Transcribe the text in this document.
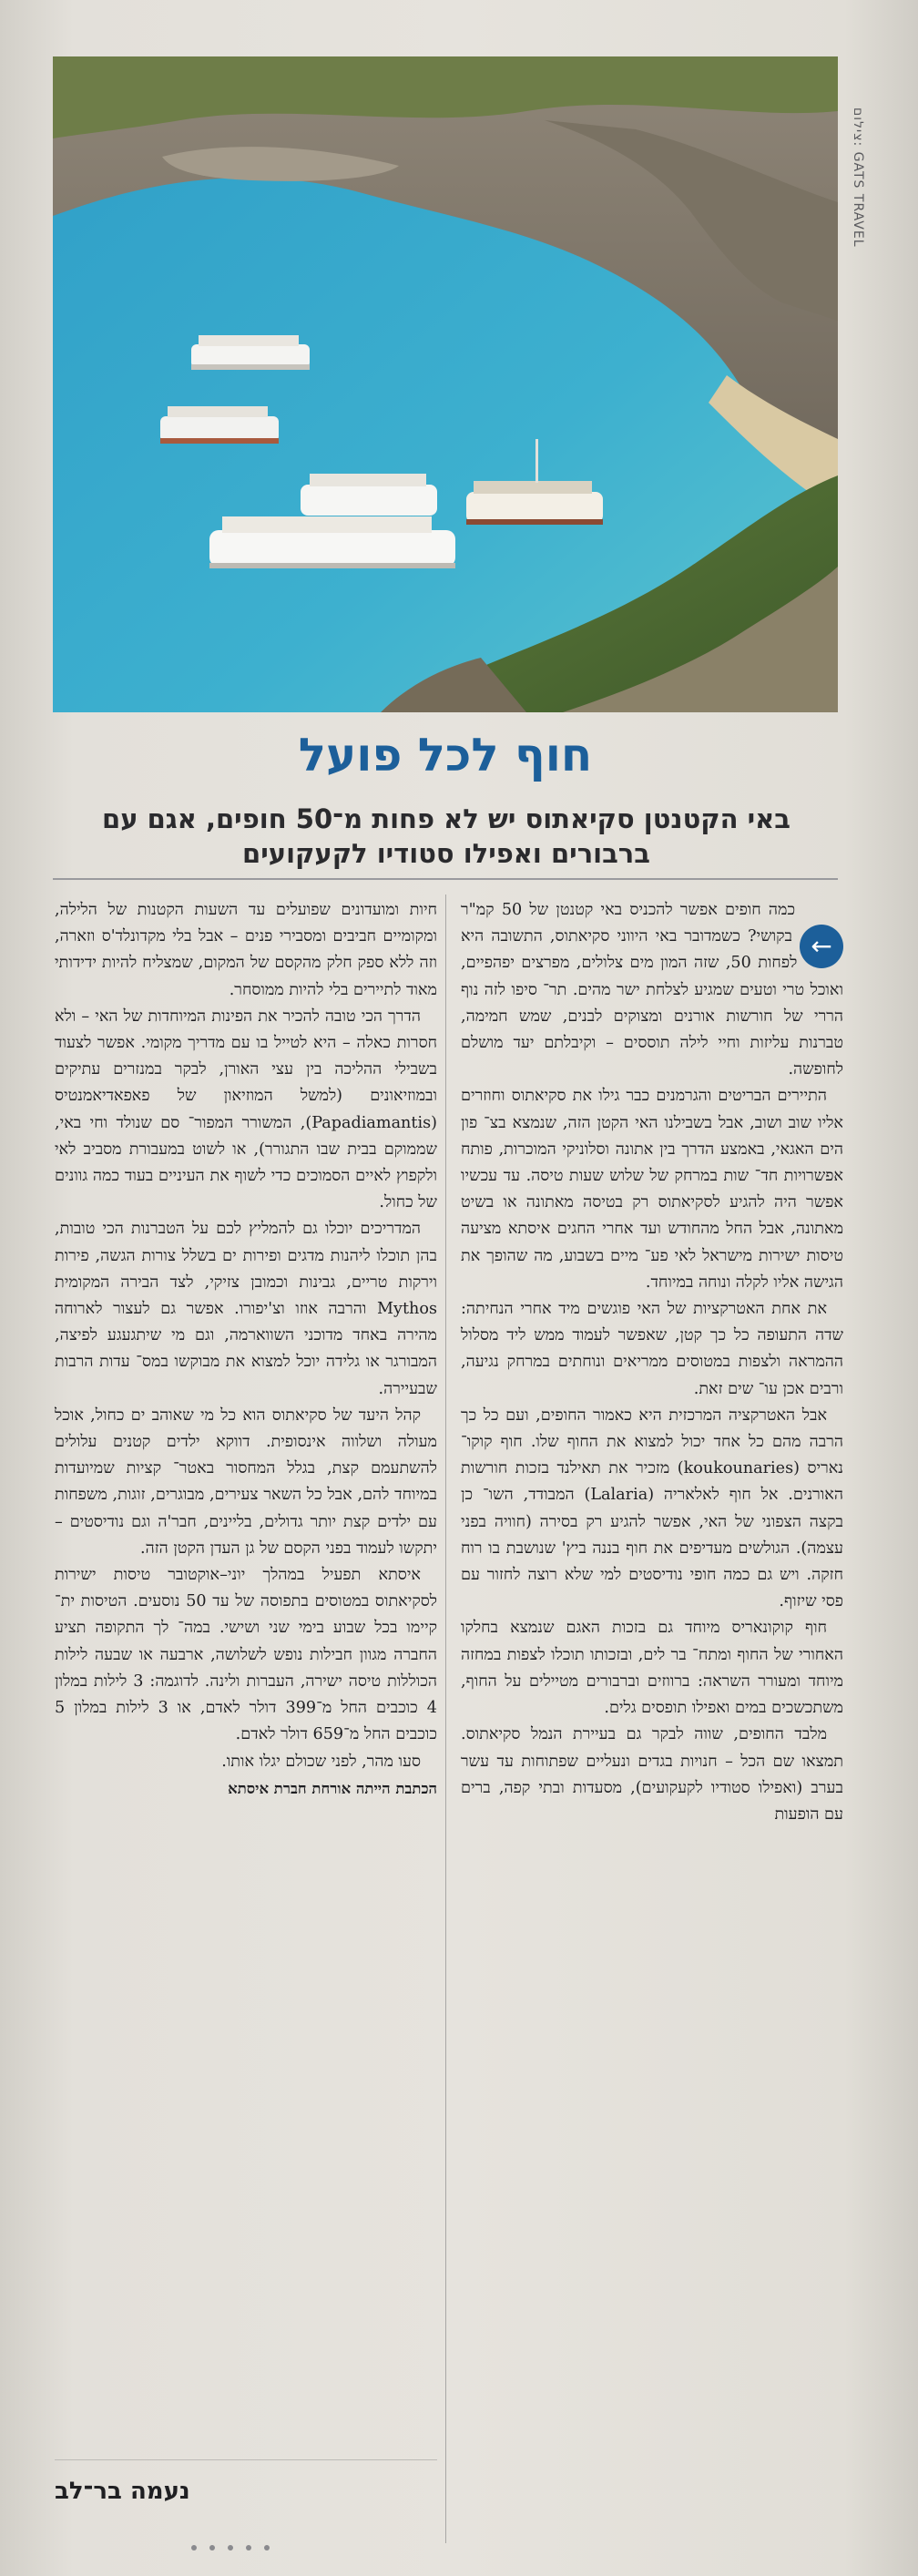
צילום: GATS TRAVEL
חוף לכל פועל
באי הקטנטן סקיאתוס יש לא פחות מ־50 חופים, אגם עם ברבורים ואפילו סטודיו לקעקועים
←

כמה חופים אפשר להכניס באי קטנטן של 50 קמ"ר בקושי? כשמדובר באי היווני סקיאתוס, התשובה היא לפחות 50, שזה המון מים צלולים, מפרצים יפהפיים, ואוכל טרי וטעים שמגיע לצלחת ישר מהים. תר־ סיפו לזה נוף הררי של חורשות אורנים ומצוקים לבנים, שמש חמימה, טברנות עליזות וחיי לילה תוססים – וקיבלתם יעד מושלם לחופשה.

התיירים הבריטים והגרמנים כבר גילו את סקיאתוס וחוזרים אליו שוב ושוב, אבל בשבילנו האי הקטן הזה, שנמצא בצ־ פון הים האגאי, באמצע הדרך בין אתונה וסלוניקי המוכרות, פותח אפשרויות חד־ שות במרחק של שלוש שעות טיסה. עד עכשיו אפשר היה להגיע לסקיאתוס רק בטיסה מאתונה או בשיט מאתונה, אבל החל מהחודש ועד אחרי החגים איסתא מציעה טיסות ישירות מישראל לאי פע־ מיים בשבוע, מה שהופך את הגישה אליו לקלה ונוחה במיוחד.

את אחת האטרקציות של האי פוגשים מיד אחרי הנחיתה: שדה התעופה כל כך קטן, שאפשר לעמוד ממש ליד מסלול ההמראה ולצפות במטוסים ממריאים ונוחתים במרחק נגיעה, ורבים אכן עו־ שים זאת.

אבל האטרקציה המרכזית היא כאמור החופים, ועם כל כך הרבה מהם כל אחד יכול למצוא את החוף שלו. חוף קוקו־ נאריס (koukounaries) מזכיר את תאילנד בזכות חורשות האורנים. אל חוף לאלאריה (Lalaria) המבודד, השו־ כן בקצה הצפוני של האי, אפשר להגיע רק בסירה (חוויה בפני עצמה). הגולשים מעדיפים את חוף בננה ביץ' שנושבת בו רוח חזקה. ויש גם כמה חופי נודיסטים למי שלא רוצה לחזור עם פסי שיזוף.

חוף קוקונאריס מיוחד גם בזכות האגם שנמצא בחלקו האחורי של החוף ומתח־ בר לים, ובזכותו תוכלו לצפות במחזה מיוחד ומעורר השראה: ברווזים וברבורים מטיילים על החוף, משתכשכים במים ואפילו תופסים גלים.

מלבד החופים, שווה לבקר גם בעיירת הנמל סקיאתוס. תמצאו שם הכל – חנויות בגדים ונעליים שפתוחות עד עשר בערב (ואפילו סטודיו לקעקועים), מסעדות ובתי קפה, ברים עם הופעות

חיות ומועדונים שפועלים עד השעות הקטנות של הלילה, ומקומיים חביבים ומסבירי פנים – אבל בלי מקדונלד'ס וזארה, וזה ללא ספק חלק מהקסם של המקום, שמצליח להיות ידידותי מאוד לתיירים בלי להיות ממוסחר.

הדרך הכי טובה להכיר את הפינות המיוחדות של האי – ולא חסרות כאלה – היא לטייל בו עם מדריך מקומי. אפשר לצעוד בשבילי ההליכה בין עצי האורן, לבקר במנזרים עתיקים ובמוזיאונים (למשל המוזיאון של פאפאדיאמנטיס (Papadiamantis), המשורר המפור־ סם שנולד וחי באי, שממוקם בבית שבו התגורר), או לשוט במעבורת מסביב לאי ולקפוץ לאיים הסמוכים כדי לשוף את העיניים בעוד כמה גוונים של כחול.

המדריכים יוכלו גם להמליץ לכם על הטברנות הכי טובות, בהן תוכלו ליהנות מדגים ופירות ים בשלל צורות הגשה, פירות וירקות טריים, גבינות וכמובן צזיקי, לצד הבירה המקומית Mythos והרבה אוזו וצ'יפורו. אפשר גם לעצור לארוחה מהירה באחד מדוכני השווארמה, וגם מי שיתגעגע לפיצה, המבורגר או גלידה יוכל למצוא את מבוקשו במס־ עדות הרבות שבעיירה.

קהל היעד של סקיאתוס הוא כל מי שאוהב ים כחול, אוכל מעולה ושלווה אינסופית. דווקא ילדים קטנים עלולים להשתעמם קצת, בגלל המחסור באטר־ קציות שמיועדות במיוחד להם, אבל כל השאר צעירים, מבוגרים, זוגות, משפחות עם ילדים קצת יותר גדולים, בליינים, חבר'ה וגם נודיסטים – יתקשו לעמוד בפני הקסם של גן העדן הקטן הזה.

איסתא תפעיל במהלך יוני–אוקטובר טיסות ישירות לסקיאתוס במטוסים בתפוסה של עד 50 נוסעים. הטיסות ית־ קיימו בכל שבוע בימי שני ושישי. במה־ לך התקופה תציע החברה מגוון חבילות נופש לשלושה, ארבעה או שבעה לילות הכוללות טיסה ישירה, העברות ולינה. לדוגמה: 3 לילות במלון 4 כוכבים החל מ־399 דולר לאדם, או 3 לילות במלון 5 כוכבים החל מ־659 דולר לאדם.

סעו מהר, לפני שכולם יגלו אותו.

הכתבת הייתה אורחת חברת איסתא

נעמה בר־לב
